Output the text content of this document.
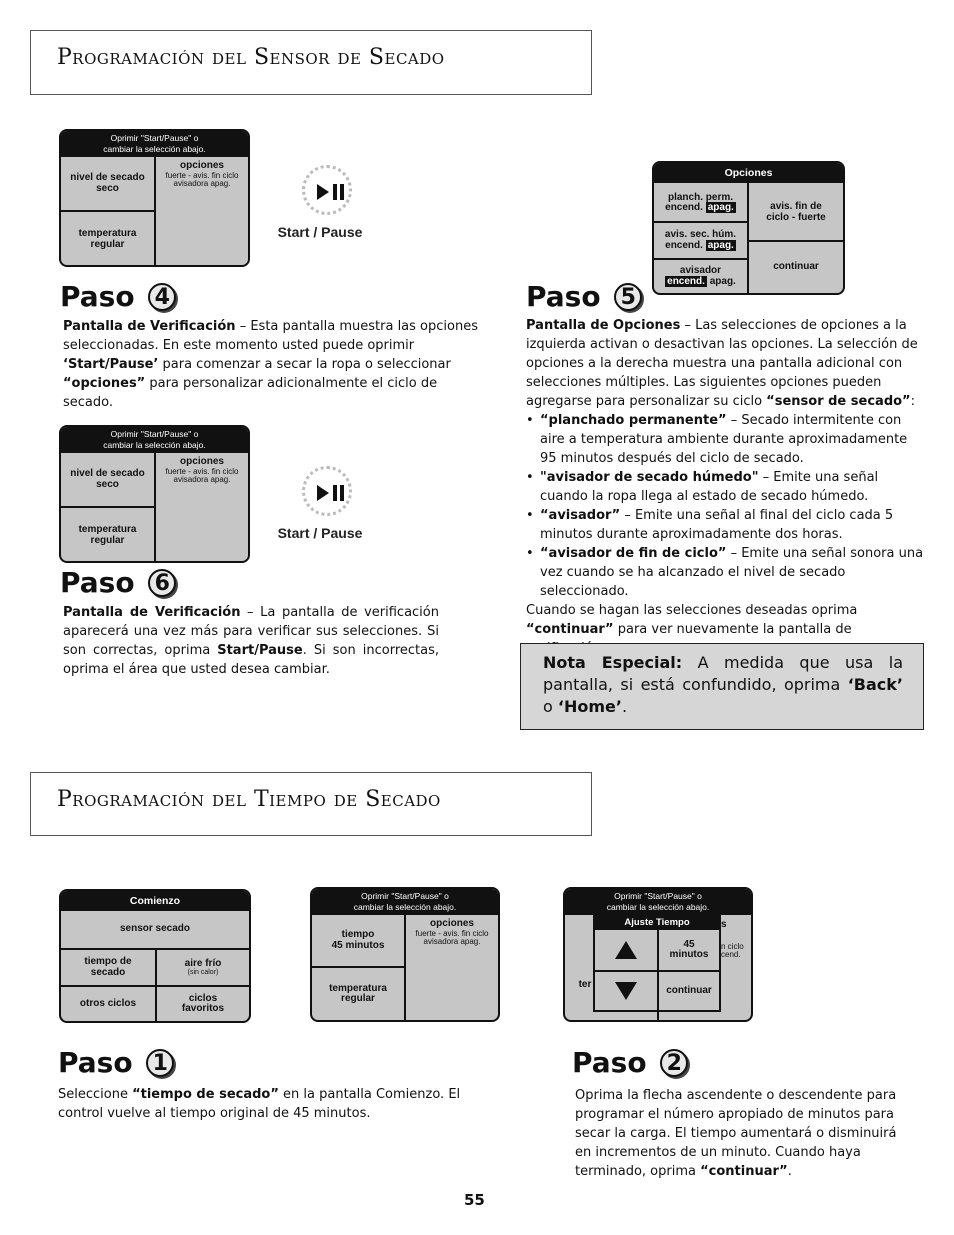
Programación del Sensor de Secado
Oprimir "Start/Pause" o
cambiar la selección abajo.
nivel de secado
seco
temperatura
regular
opciones
fuerte - avis. fin ciclo
avisadora apag.
Start / Pause
Paso 4
Pantalla de Verificación – Esta pantalla muestra las opciones seleccionadas. En este momento usted puede oprimir ‘Start/Pause’ para comenzar a secar la ropa o seleccionar “opciones” para personalizar adicionalmente el ciclo de secado.
Oprimir "Start/Pause" o
cambiar la selección abajo.
nivel de secado
seco
temperatura
regular
opciones
fuerte - avis. fin ciclo
avisadora apag.
Start / Pause
Paso 6
Pantalla de Verificación – La pantalla de verificación aparecerá una vez más para verificar sus selecciones. Si son correctas, oprima Start/Pause. Si son incorrectas, oprima el área que usted desea cambiar.
Opciones
planch. perm.
encend. apag.
avis. sec. húm.
encend. apag.
avisador
encend. apag.
avis. fin de
ciclo - fuerte
continuar
Paso 5
Pantalla de Opciones – Las selecciones de opciones a la izquierda activan o desactivan las opciones. La selección de opciones a la derecha muestra una pantalla adicional con selecciones múltiples. Las siguientes opciones pueden agregarse para personalizar su ciclo “sensor de secado”:
• “planchado permanente” – Secado intermitente con aire a temperatura ambiente durante aproximadamente 95 minutos después del ciclo de secado.
• "avisador de secado húmedo" – Emite una señal cuando la ropa llega al estado de secado húmedo.
• “avisador” – Emite una señal al final del ciclo cada 5 minutos durante aproximadamente dos horas.
• “avisador de fin de ciclo” – Emite una señal sonora una vez cuando se ha alcanzado el nivel de secado seleccionado.
Cuando se hagan las selecciones deseadas oprima “continuar” para ver nuevamente la pantalla de
Nota Especial: A medida que usa la pantalla, si está confundido, oprima ‘Back’ o ‘Home’.
Programación del Tiempo de Secado
Comienzo
sensor secado
tiempo de
secado
aire frío
(sin calor)
otros ciclos	ciclos
favoritos
Oprimir "Start/Pause" o
cambiar la selección abajo.
tiempo
45 minutos
temperatura
regular
opciones
fuerte - avis. fin ciclo
avisadora apag.
Oprimir "Start/Pause" o
cambiar la selección abajo.
s
n ciclo
cend.
ter
Ajuste Tiempo
45
minutos
continuar
Paso 1
Seleccione “tiempo de secado” en la pantalla Comienzo. El control vuelve al tiempo original de 45 minutos.
Paso 2
Oprima la flecha ascendente o descendente para programar el número apropiado de minutos para secar la carga. El tiempo aumentará o disminuirá en incrementos de un minuto. Cuando haya terminado, oprima “continuar”.
55
